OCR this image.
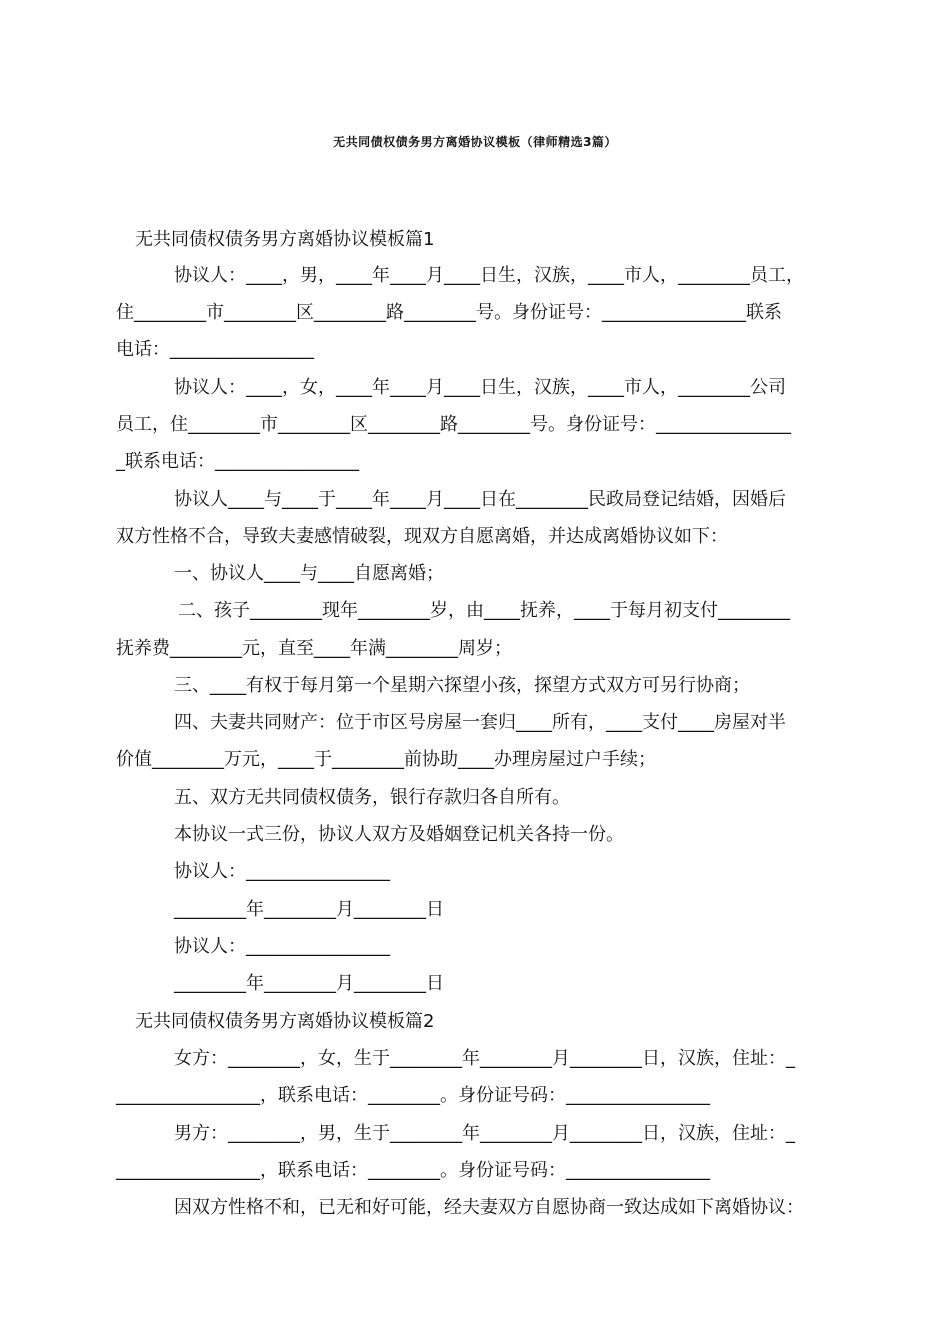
无共同债权债务男方离婚协议模板（律师精选3篇）
无共同债权债务男方离婚协议模板篇1
协议人：____，男，____年____月____日生，汉族，____市人，________员工，
住________市________区________路________号。身份证号：________________联系
电话：________________
协议人：____，女，____年____月____日生，汉族，____市人，________公司
员工，住________市________区________路________号。身份证号：_______________
_联系电话：________________
协议人____与____于____年____月____日在________民政局登记结婚，因婚后
双方性格不合，导致夫妻感情破裂，现双方自愿离婚，并达成离婚协议如下：
一、协议人____与____自愿离婚；
二、孩子________现年________岁，由____抚养，____于每月初支付________
抚养费________元，直至____年满________周岁；
三、____有权于每月第一个星期六探望小孩，探望方式双方可另行协商；
四、夫妻共同财产：位于市区号房屋一套归____所有，____支付____房屋对半
价值________万元，____于________前协助____办理房屋过户手续；
五、双方无共同债权债务，银行存款归各自所有。
本协议一式三份，协议人双方及婚姻登记机关各持一份。
协议人：________________
________年________月________日
协议人：________________
________年________月________日
无共同债权债务男方离婚协议模板篇2
女方：________，女，生于________年________月________日，汉族，住址：_
________________，联系电话：________。身份证号码：________________
男方：________，男，生于________年________月________日，汉族，住址：_
________________，联系电话：________。身份证号码：________________
因双方性格不和，已无和好可能，经夫妻双方自愿协商一致达成如下离婚协议：
